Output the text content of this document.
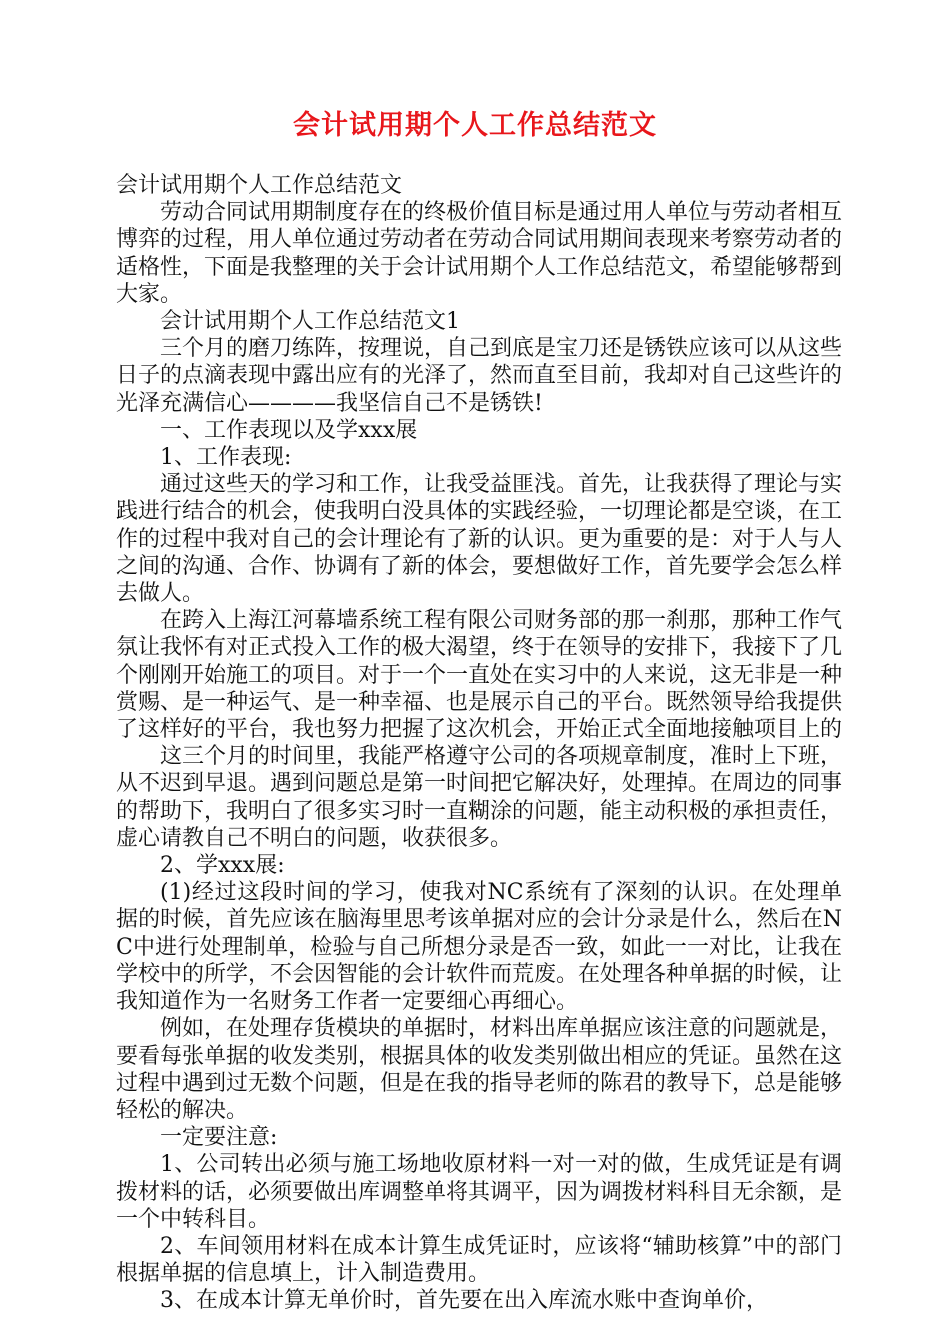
会计试用期个人工作总结范文

会计试用期个人工作总结范文

劳动合同试用期制度存在的终极价值目标是通过用人单位与劳动者相互博弈的过程，用人单位通过劳动者在劳动合同试用期间表现来考察劳动者的适格性，下面是我整理的关于会计试用期个人工作总结范文，希望能够帮到大家。

会计试用期个人工作总结范文1

三个月的磨刀练阵，按理说，自己到底是宝刀还是锈铁应该可以从这些日子的点滴表现中露出应有的光泽了，然而直至目前，我却对自己这些许的光泽充满信心————我坚信自己不是锈铁!

一、工作表现以及学xxx展

1、工作表现:

通过这些天的学习和工作，让我受益匪浅。首先，让我获得了理论与实践进行结合的机会，使我明白没具体的实践经验，一切理论都是空谈，在工作的过程中我对自己的会计理论有了新的认识。更为重要的是：对于人与人之间的沟通、合作、协调有了新的体会，要想做好工作，首先要学会怎么样去做人。

在跨入上海江河幕墙系统工程有限公司财务部的那一刹那，那种工作气氛让我怀有对正式投入工作的极大渴望，终于在领导的安排下，我接下了几个刚刚开始施工的项目。对于一个一直处在实习中的人来说，这无非是一种赏赐、是一种运气、是一种幸福、也是展示自己的平台。既然领导给我提供了这样好的平台，我也努力把握了这次机会，开始正式全面地接触项目上的

这三个月的时间里，我能严格遵守公司的各项规章制度，准时上下班，从不迟到早退。遇到问题总是第一时间把它解决好，处理掉。在周边的同事的帮助下，我明白了很多实习时一直糊涂的问题，能主动积极的承担责任，虚心请教自己不明白的问题，收获很多。

2、学xxx展:

(1)经过这段时间的学习，使我对NC系统有了深刻的认识。在处理单据的时候，首先应该在脑海里思考该单据对应的会计分录是什么，然后在NC中进行处理制单，检验与自己所想分录是否一致，如此一一对比，让我在学校中的所学，不会因智能的会计软件而荒废。在处理各种单据的时候，让我知道作为一名财务工作者一定要细心再细心。

例如，在处理存货模块的单据时，材料出库单据应该注意的问题就是，要看每张单据的收发类别，根据具体的收发类别做出相应的凭证。虽然在这过程中遇到过无数个问题，但是在我的指导老师的陈君的教导下，总是能够轻松的解决。

一定要注意:

1、公司转出必须与施工场地收原材料一对一对的做，生成凭证是有调拨材料的话，必须要做出库调整单将其调平，因为调拨材料科目无余额，是一个中转科目。

2、车间领用材料在成本计算生成凭证时，应该将“辅助核算”中的部门根据单据的信息填上，计入制造费用。

3、在成本计算无单价时，首先要在出入库流水账中查询单价，
